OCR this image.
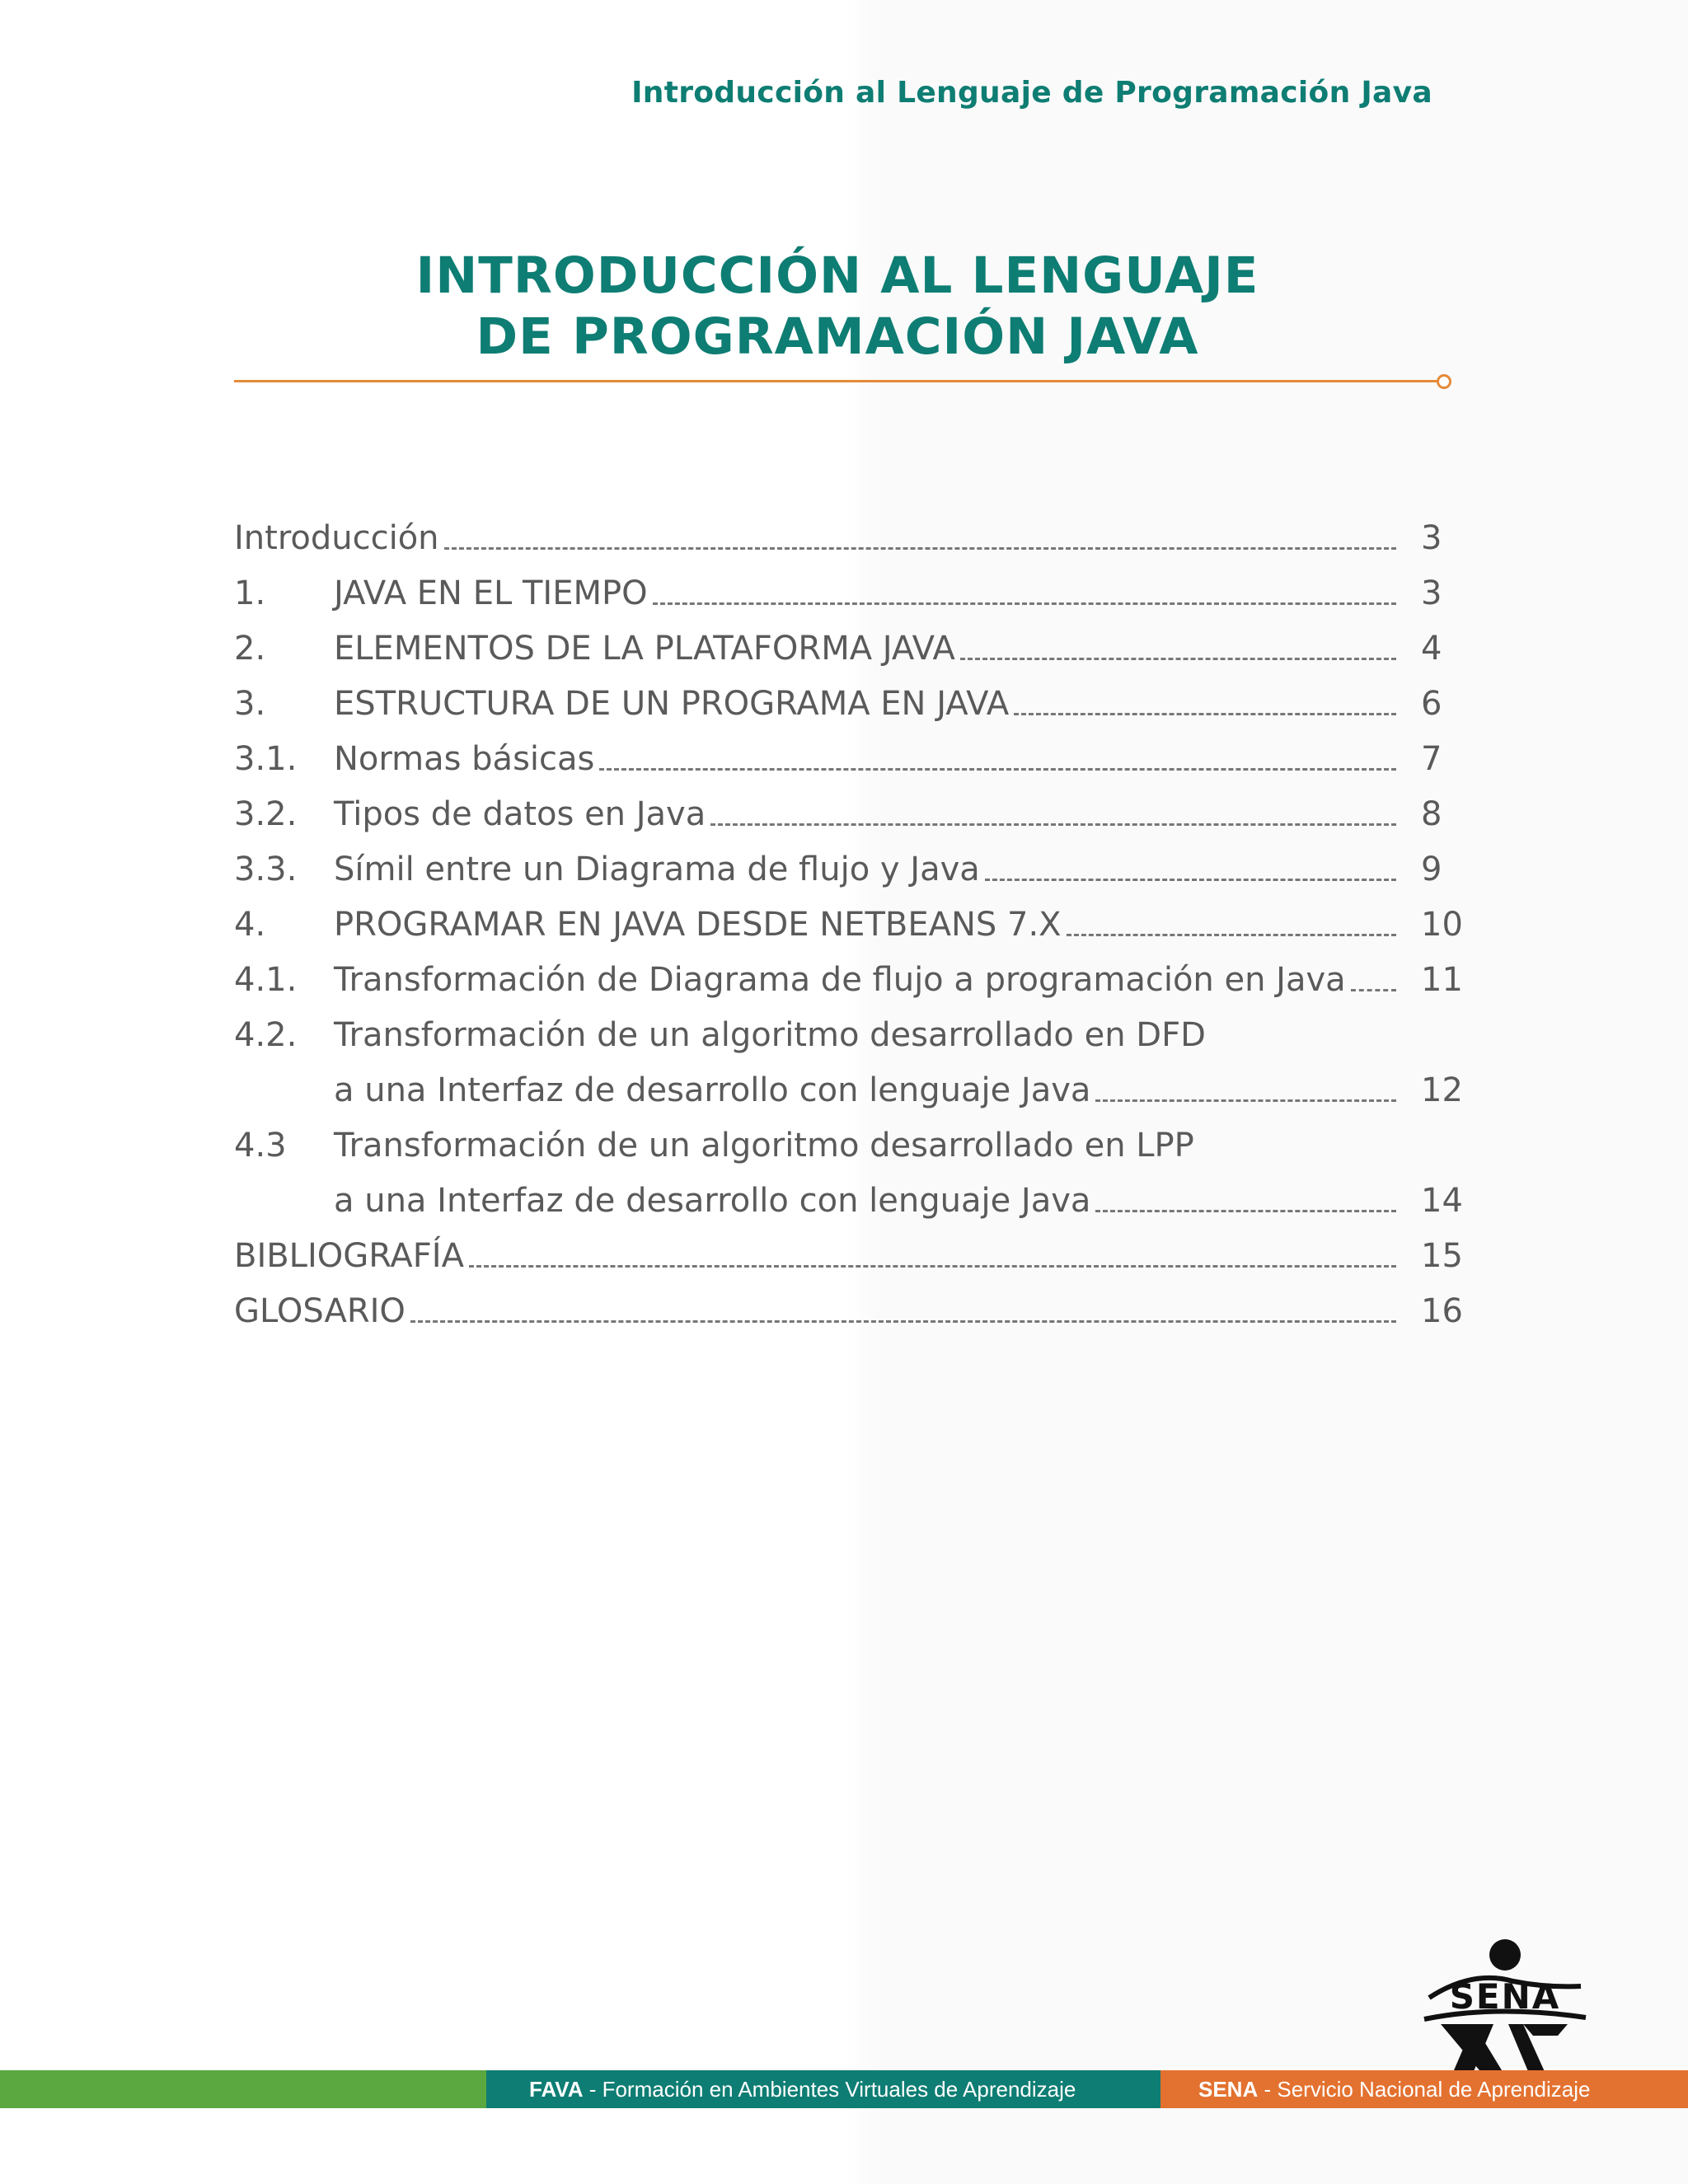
Introducción al Lenguaje de Programación Java
INTRODUCCIÓN AL LENGUAJE
DE PROGRAMACIÓN JAVA
Introducción	3
1.	JAVA EN EL TIEMPO	3
2.	ELEMENTOS DE LA PLATAFORMA JAVA	4
3.	ESTRUCTURA DE UN PROGRAMA EN JAVA	6
3.1.	Normas básicas	7
3.2.	Tipos de datos en Java	8
3.3.	Símil entre un Diagrama de flujo y Java	9
4.	PROGRAMAR EN JAVA DESDE NETBEANS 7.X	10
4.1.	Transformación de Diagrama de flujo a programación en Java 11
4.2.	Transformación de un algoritmo desarrollado en DFD
a una Interfaz de desarrollo con lenguaje Java	12
4.3	Transformación de un algoritmo desarrollado en LPP
a una Interfaz de desarrollo con lenguaje Java	14
BIBLIOGRAFÍA	15
GLOSARIO	16
SENA
FAVA - Formación en Ambientes Virtuales de Aprendizaje	SENA - Servicio Nacional de Aprendizaje
